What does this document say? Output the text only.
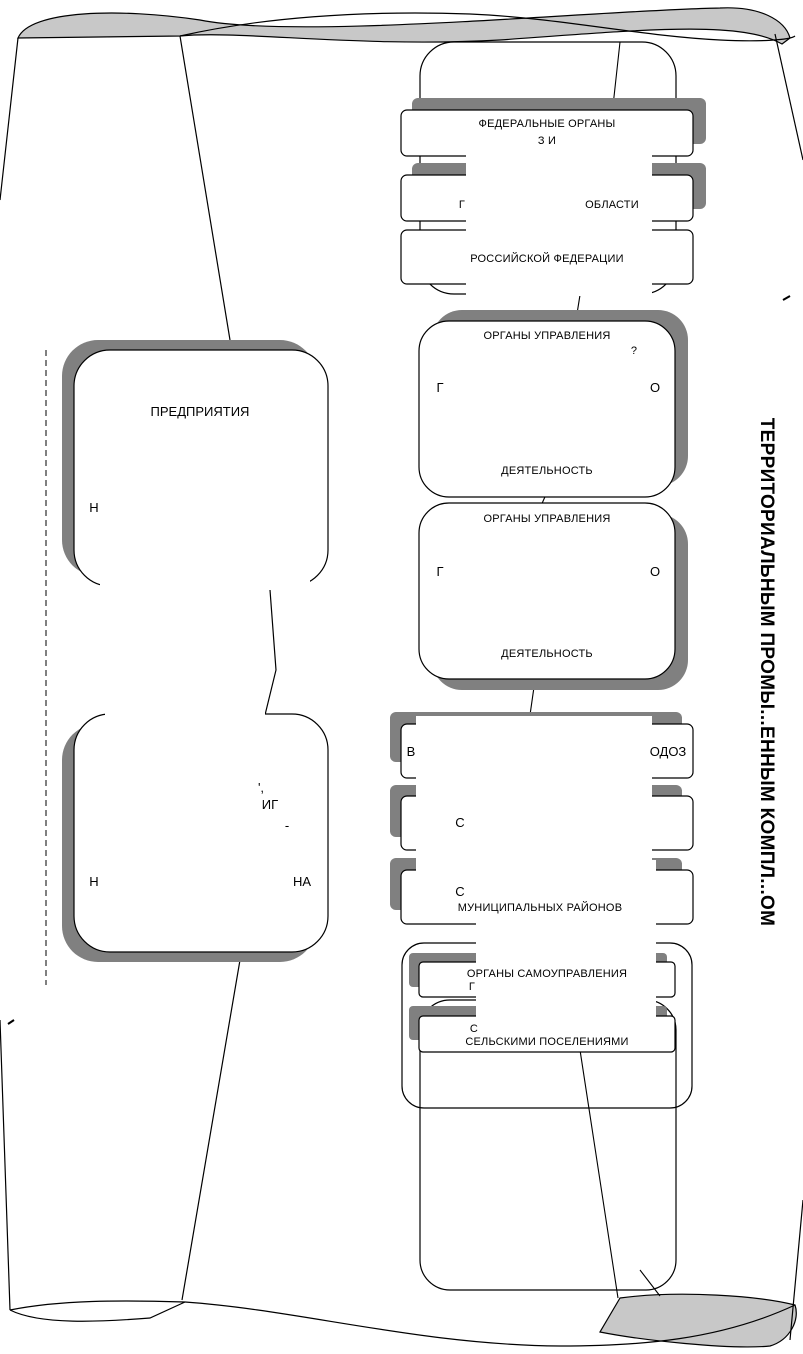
ПРЕДПРИЯТИЯ
Н
',
ИГ
-
Н	НА
ФЕДЕРАЛЬНЫЕ ОРГАНЫ
З И
Г	ОБЛАСТИ
РОССИЙСКОЙ ФЕДЕРАЦИИ
ОРГАНЫ УПРАВЛЕНИЯ
?
Г	О
ДЕЯТЕЛЬНОСТЬ
ОРГАНЫ УПРАВЛЕНИЯ
Г	О
ДЕЯТЕЛЬНОСТЬ
В	ОДОЗ
С
С
МУНИЦИПАЛЬНЫХ РАЙОНОВ
ОРГАНЫ САМОУПРАВЛЕНИЯ
Г
С
СЕЛЬСКИМИ ПОСЕЛЕНИЯМИ
ТЕРРИТОРИАЛЬНЫМ ПРОМЫ...ЕННЫМ КОМПЛ...ОМ
